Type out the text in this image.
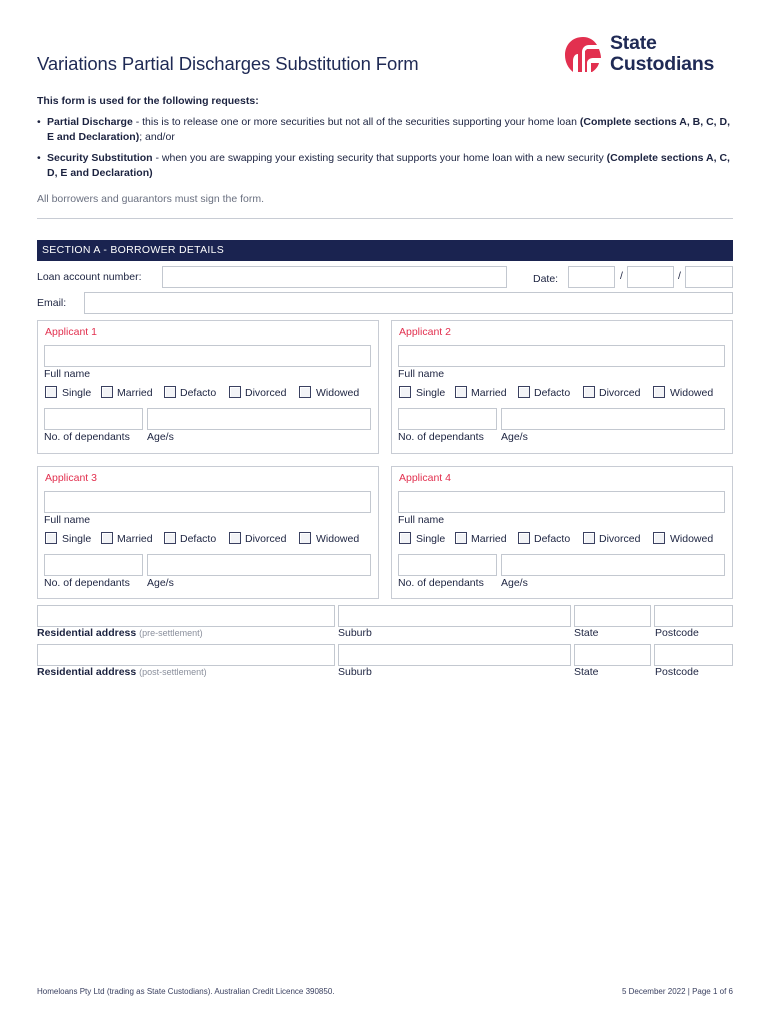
Variations Partial Discharges Substitution Form
State
Custodians
This form is used for the following requests:
• Partial Discharge - this is to release one or more securities but not all of the securities supporting your home loan (Complete sections A, B, C, D, E and Declaration); and/or
• Security Substitution - when you are swapping your existing security that supports your home loan with a new security (Complete sections A, C, D, E and Declaration)
All borrowers and guarantors must sign the form.
SECTION A - BORROWER DETAILS
Loan account number:	Date:	/	/
Email:
Applicant 1
Full name
Single Married	Defacto	Divorced	Widowed
No. of dependants Age/s
Applicant 2
Full name
Single Married	Defacto	Divorced	Widowed
No. of dependants Age/s
Applicant 3
Full name
Single Married	Defacto	Divorced	Widowed
No. of dependants Age/s
Applicant 4
Full name
Single Married	Defacto	Divorced	Widowed
No. of dependants Age/s
Residential address (pre-settlement)	Suburb	State	Postcode
Residential address (post-settlement)	Suburb	State	Postcode
Homeloans Pty Ltd (trading as State Custodians). Australian Credit Licence 390850.	5 December 2022 | Page 1 of 6
